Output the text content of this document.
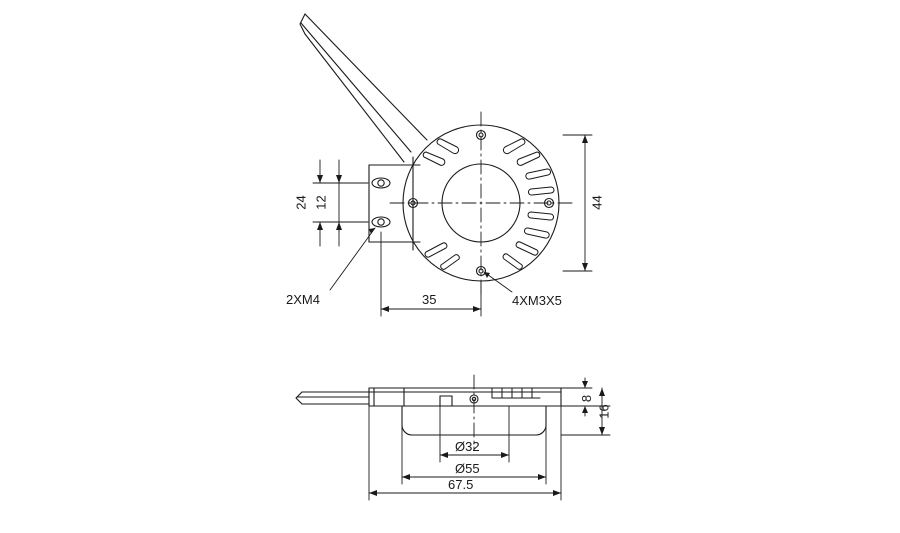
24 12	44
35
8
16
Ø32
Ø55
67.5
2XM4	4XM3X5
